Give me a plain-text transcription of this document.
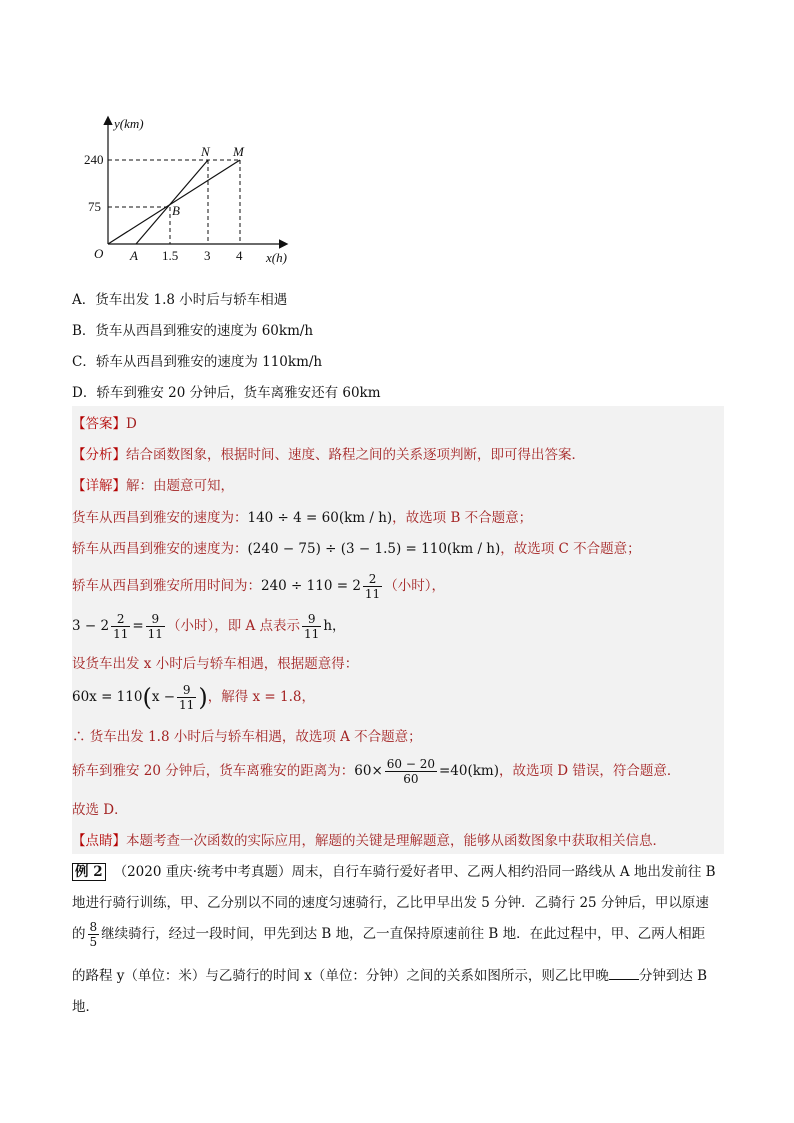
y(km)
x(h)
O
240
75
A 1.5 3 4
N M
B
A．货车出发 1.8 小时后与轿车相遇
B．货车从西昌到雅安的速度为 60km/h
C．轿车从西昌到雅安的速度为 110km/h
D．轿车到雅安 20 分钟后，货车离雅安还有 60km
【答案】D
【分析】结合函数图象，根据时间、速度、路程之间的关系逐项判断，即可得出答案．
【详解】解：由题意可知，
货车从西昌到雅安的速度为：140 ÷ 4 = 60(km / h)，故选项 B 不合题意；
轿车从西昌到雅安的速度为：(240 − 75) ÷ (3 − 1.5) = 110(km / h)，故选项 C 不合题意；
轿车从西昌到雅安所用时间为：$240 \div 110 = 2 \frac{2}{11}$ （小时），
$3 - 2 \frac{2}{11} = \frac{9}{11}$ （小时），即 A 点表示 $\frac{9}{11}$ h，
设货车出发 x 小时后与轿车相遇，根据题意得：
$60x = 110(x - \frac{9}{11}$ )，解得 x = 1.8，
∴ 货车出发 1.8 小时后与轿车相遇，故选项 A 不合题意；
轿车到雅安 20 分钟后，货车离雅安的距离为：$60\times \frac{60 - 20}{60} =40(km)$，故选项 D 错误，符合题意．
故选 D．
【点睛】本题考查一次函数的实际应用，解题的关键是理解题意，能够从函数图象中获取相关信息．
例 2 （2020 重庆·统考中考真题）周末，自行车骑行爱好者甲、乙两人相约沿同一路线从 A 地出发前往 B
地进行骑行训练，甲、乙分别以不同的速度匀速骑行，乙比甲早出发 5 分钟．乙骑行 25 分钟后，甲以原速
的 $\frac{8}{5}$ 继续骑行，经过一段时间，甲先到达 B 地，乙一直保持原速前往 B 地．在此过程中，甲、乙两人相距
的路程 y（单位：米）与乙骑行的时间 x（单位：分钟）之间的关系如图所示，则乙比甲晚 分钟到达 B
地．
